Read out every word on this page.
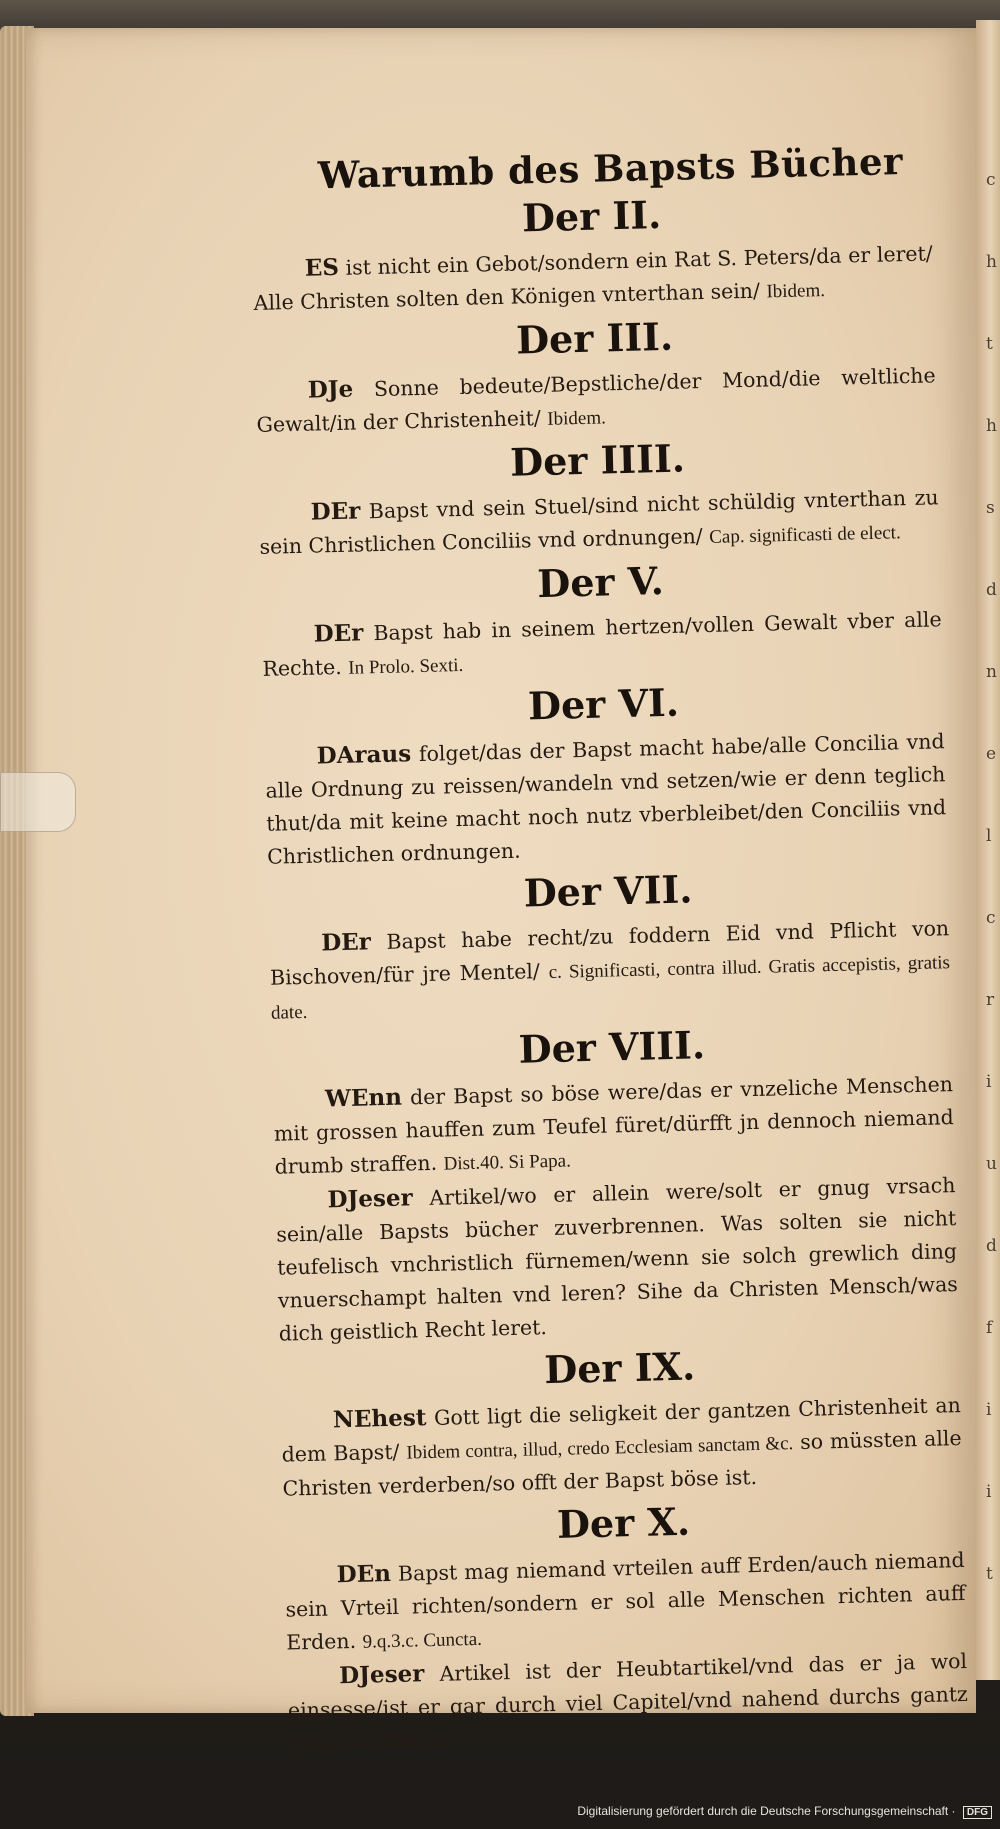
c
h
t
h
s
d
n
e
l
c
r
i
u
d
f
i
i
t
Warumb des Bapsts Bücher
Der II.

ES ist nicht ein Gebot/sondern ein Rat S. Peters/da er leret/ Alle Christen solten den Königen vnterthan sein/ Ibidem.

Der III.

DJe Sonne bedeute/Bepstliche/der Mond/die weltliche Gewalt/in der Christenheit/ Ibidem.

Der IIII.

DEr Bapst vnd sein Stuel/sind nicht schüldig vnterthan zu sein Christlichen Conciliis vnd ordnungen/ Cap. significasti de elect.

Der V.

DEr Bapst hab in seinem hertzen/vollen Gewalt vber alle Rechte. In Prolo. Sexti.

Der VI.

DAraus folget/das der Bapst macht habe/alle Concilia vnd alle Ordnung zu reissen/wandeln vnd setzen/wie er denn teglich thut/da mit keine macht noch nutz vberbleibet/den Conciliis vnd Christlichen ordnungen.

Der VII.

DEr Bapst habe recht/zu foddern Eid vnd Pflicht von Bischoven/für jre Mentel/ c. Significasti, contra illud. Gratis accepistis, gratis date.

Der VIII.

WEnn der Bapst so böse were/das er vnzeliche Menschen mit grossen hauffen zum Teufel füret/dürfft jn dennoch niemand drumb straffen. Dist.40. Si Papa.

DJeser Artikel/wo er allein were/solt er gnug vrsach sein/alle Bapsts bücher zuverbrennen. Was solten sie nicht teufelisch vnchristlich fürnemen/wenn sie solch grewlich ding vnuerschampt halten vnd leren? Sihe da Christen Mensch/was dich geistlich Recht leret.

Der IX.

NEhest Gott ligt die seligkeit der gantzen Christenheit an dem Bapst/ Ibidem contra, illud, credo Ecclesiam sanctam &c. so müssten alle Christen verderben/so offt der Bapst böse ist.

Der X.

DEn Bapst mag niemand vrteilen auff Erden/auch niemand sein Vrteil richten/sondern er sol alle Menschen richten auff Erden. 9.q.3.c. Cuncta.

DJeser Artikel ist der Heubtartikel/vnd das er ja wol einsesse/ist er gar durch viel Capitel/vnd nahend durchs gantz geistlich Recht/

Digitalisierung gefördert durch die Deutsche Forschungsgemeinschaft · DFG
